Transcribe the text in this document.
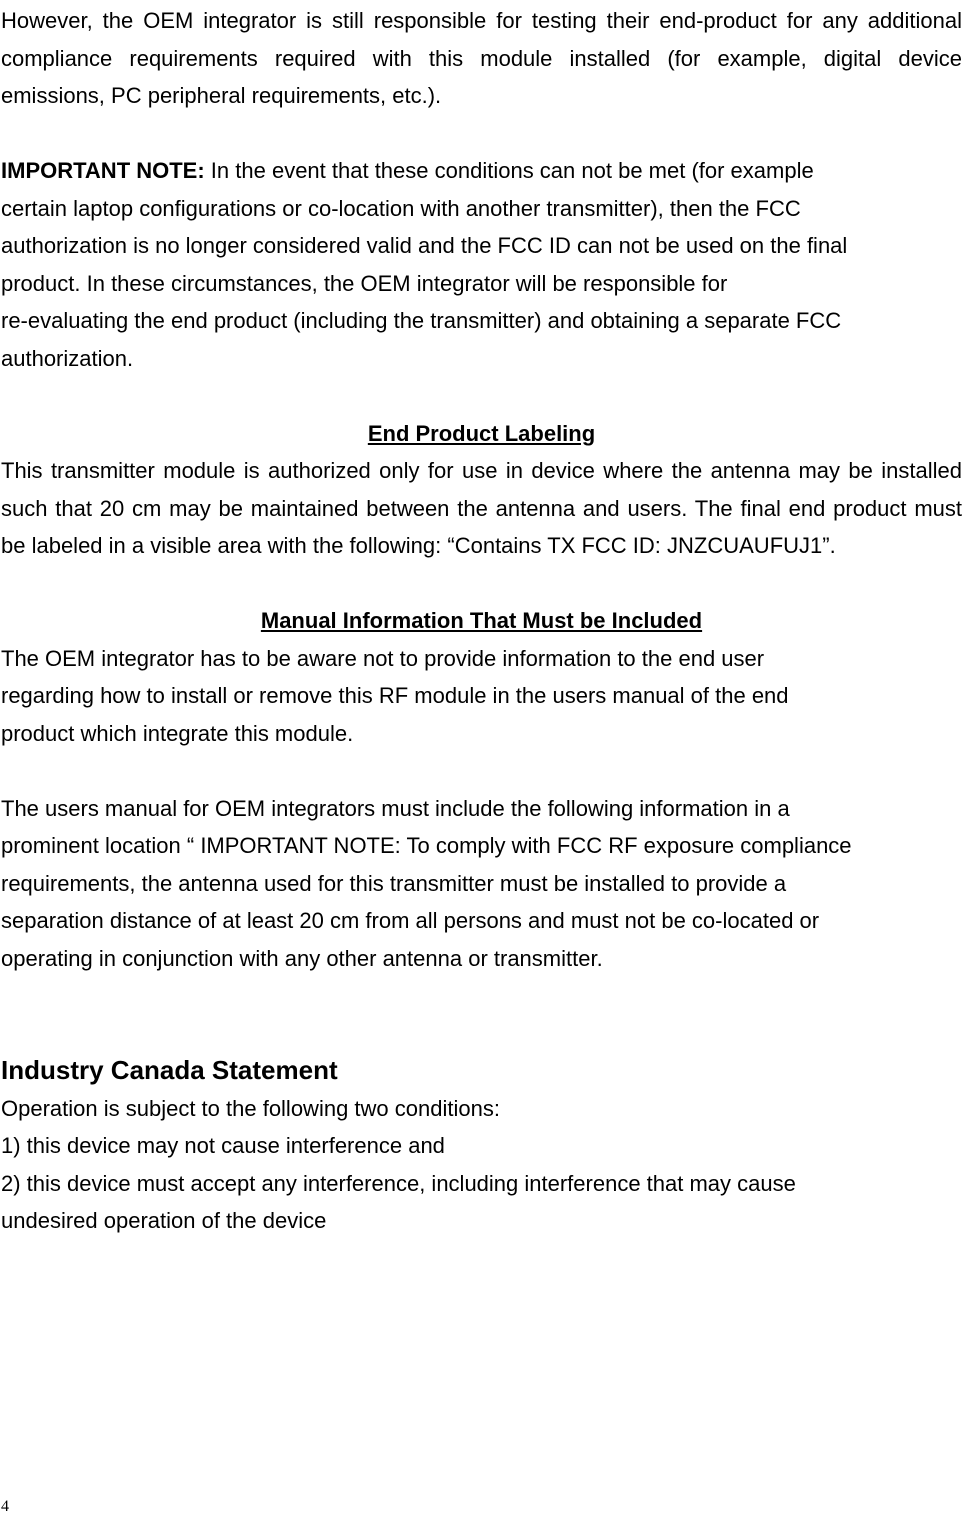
However, the OEM integrator is still responsible for testing their end-product for any additional compliance requirements required with this module installed (for example, digital device emissions, PC peripheral requirements, etc.).

IMPORTANT NOTE: In the event that these conditions can not be met (for example

certain laptop configurations or co-location with another transmitter), then the FCC

authorization is no longer considered valid and the FCC ID can not be used on the final

product. In these circumstances, the OEM integrator will be responsible for

re-evaluating the end product (including the transmitter) and obtaining a separate FCC

authorization.

End Product Labeling

This transmitter module is authorized only for use in device where the antenna may be installed such that 20 cm may be maintained between the antenna and users. The final end product must be labeled in a visible area with the following: “Contains TX FCC ID: JNZCUAUFUJ1”.

Manual Information That Must be Included

The OEM integrator has to be aware not to provide information to the end user

regarding how to install or remove this RF module in the users manual of the end

product which integrate this module.

The users manual for OEM integrators must include the following information in a

prominent location “ IMPORTANT NOTE: To comply with FCC RF exposure compliance

requirements, the antenna used for this transmitter must be installed to provide a

separation distance of at least 20 cm from all persons and must not be co-located or

operating in conjunction with any other antenna or transmitter.

Industry Canada Statement

Operation is subject to the following two conditions:

1) this device may not cause interference and

2) this device must accept any interference, including interference that may cause

undesired operation of the device

4
